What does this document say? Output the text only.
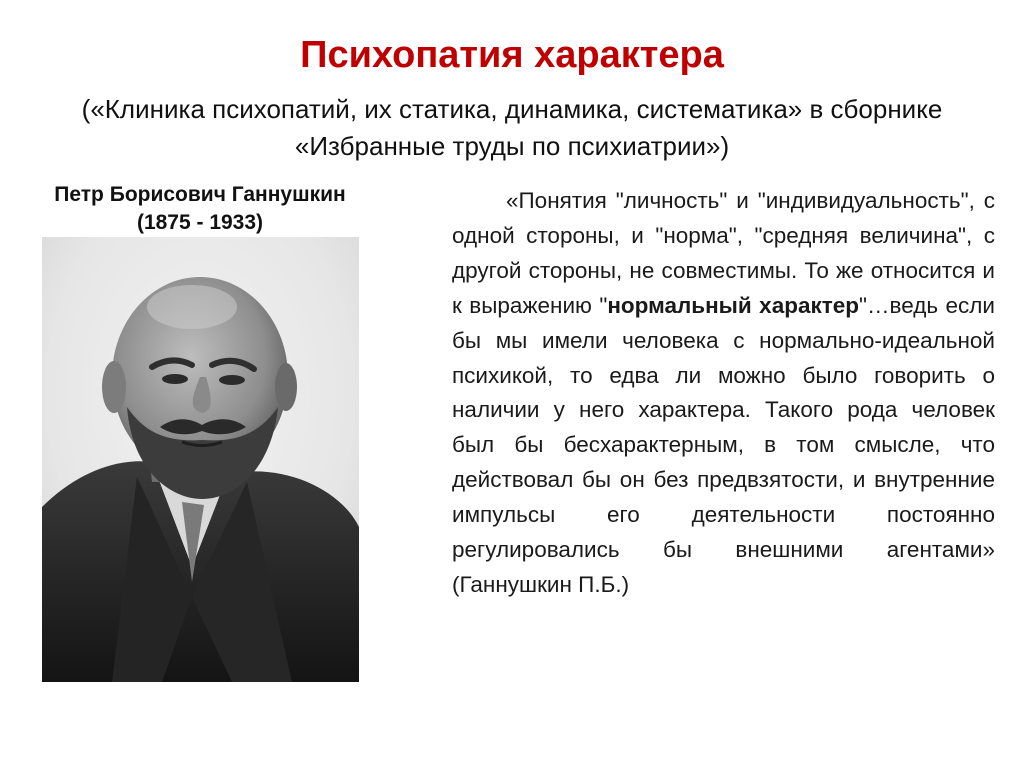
Психопатия характера

(«Клиника психопатий, их статика, динамика, систематика» в сборнике «Избранные труды по психиатрии»)

Петр Борисович Ганнушкин
(1875 - 1933)

«Понятия "личность" и "индивидуальность", с одной стороны, и "норма", "средняя величина", с другой стороны, не совместимы. То же относится и к выражению "нормальный характер"…ведь если бы мы имели человека с нормально-идеальной психикой, то едва ли можно было говорить о наличии у него характера. Такого рода человек был бы бесхарактерным, в том смысле, что действовал бы он без предвзятости, и внутренние импульсы его деятельности постоянно регулировались бы внешними агентами» (Ганнушкин П.Б.)
